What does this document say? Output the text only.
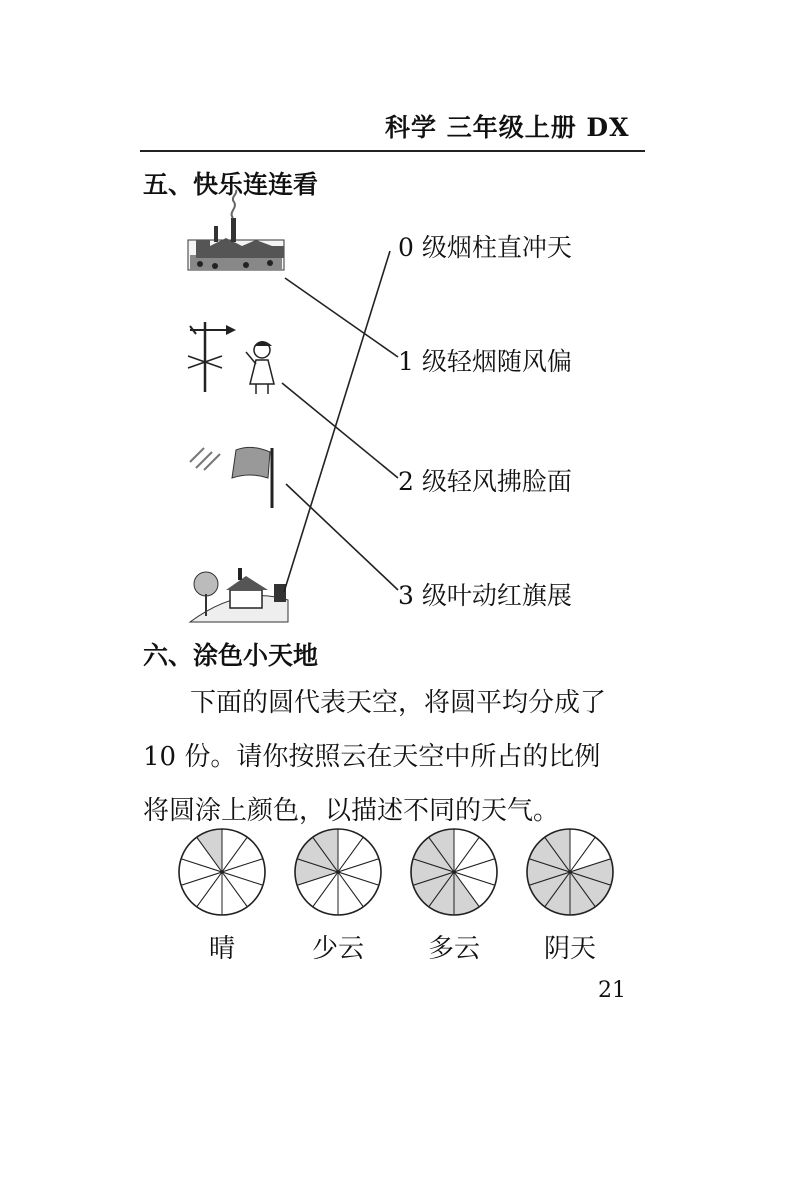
科学 三年级上册 DX
五、快乐连连看
0 级烟柱直冲天
1 级轻烟随风偏
2 级轻风拂脸面
3 级叶动红旗展
六、涂色小天地
下面的圆代表天空，将圆平均分成了
10 份。请你按照云在天空中所占的比例
将圆涂上颜色，以描述不同的天气。
晴	少云	多云	阴天
21
